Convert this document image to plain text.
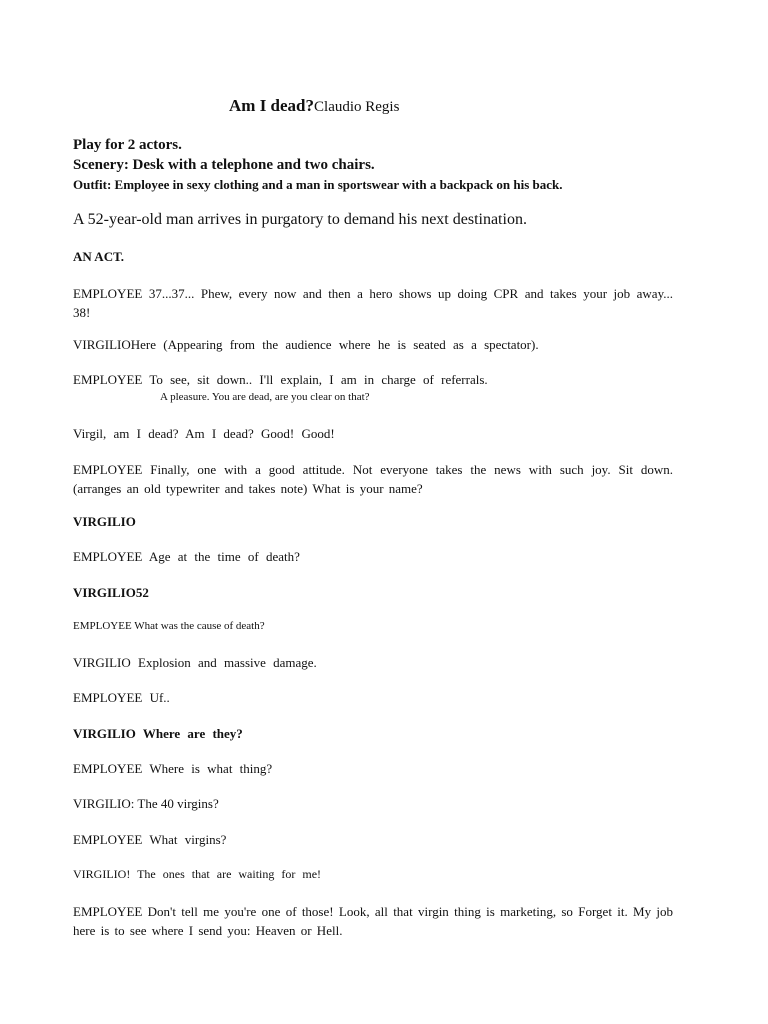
Am I dead?Claudio Regis

Play for 2 actors.

Scenery: Desk with a telephone and two chairs.

Outfit: Employee in sexy clothing and a man in sportswear with a backpack on his back.

A 52-year-old man arrives in purgatory to demand his next destination.

AN ACT.

EMPLOYEE 37...37... Phew, every now and then a hero shows up doing CPR and takes your job away... 38!

VIRGILIOHere (Appearing from the audience where he is seated as a spectator).

EMPLOYEE To see, sit down.. I'll explain, I am in charge of referrals.

A pleasure. You are dead, are you clear on that?

Virgil, am I dead? Am I dead? Good! Good!

EMPLOYEE Finally, one with a good attitude. Not everyone takes the news with such joy. Sit down. (arranges an old typewriter and takes note) What is your name?

VIRGILIO

EMPLOYEE Age at the time of death?

VIRGILIO52

EMPLOYEE What was the cause of death?

VIRGILIO Explosion and massive damage.

EMPLOYEE Uf..

VIRGILIO Where are they?

EMPLOYEE Where is what thing?

VIRGILIO: The 40 virgins?

EMPLOYEE What virgins?

VIRGILIO! The ones that are waiting for me!

EMPLOYEE Don't tell me you're one of those! Look, all that virgin thing is marketing, so Forget it. My job here is to see where I send you: Heaven or Hell.
